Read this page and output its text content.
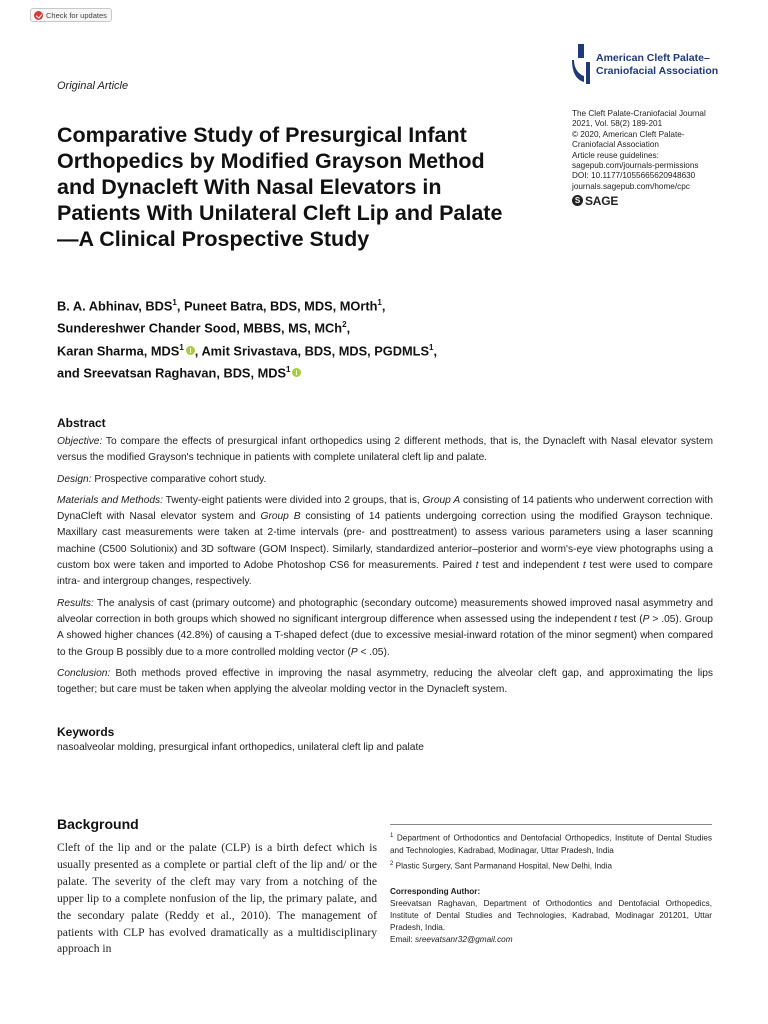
Check for updates
American Cleft Palate–
Craniofacial Association
Original Article
Comparative Study of Presurgical Infant Orthopedics by Modified Grayson Method and Dynacleft With Nasal Elevators in Patients With Unilateral Cleft Lip and Palate—A Clinical Prospective Study
The Cleft Palate-Craniofacial Journal
2021, Vol. 58(2) 189-201
© 2020, American Cleft Palate-
Craniofacial Association
Article reuse guidelines:
sagepub.com/journals-permissions
DOI: 10.1177/1055665620948630
journals.sagepub.com/home/cpc
S SAGE
B. A. Abhinav, BDS$^1$, Puneet Batra, BDS, MDS, MOrth$^1$,
Sundereshwer Chander Sood, MBBS, MS, MCh$^2$,
Karan Sharma, MDS$^1$ , Amit Srivastava, BDS, MDS, PGDMLS$^1$,
and Sreevatsan Raghavan, BDS, MDS$^1$
Abstract

Objective: To compare the effects of presurgical infant orthopedics using 2 different methods, that is, the Dynacleft with Nasal elevator system versus the modified Grayson's technique in patients with complete unilateral cleft lip and palate.

Design: Prospective comparative cohort study.

Materials and Methods: Twenty-eight patients were divided into 2 groups, that is, Group A consisting of 14 patients who underwent correction with DynaCleft with Nasal elevator system and Group B consisting of 14 patients undergoing correction using the modified Grayson technique. Maxillary cast measurements were taken at 2-time intervals (pre- and posttreatment) to assess various parameters using a laser scanning machine (C500 Solutionix) and 3D software (GOM Inspect). Similarly, standardized anterior–posterior and worm's-eye view photographs using a custom box were taken and imported to Adobe Photoshop CS6 for measurements. Paired t test and independent t test were used to compare intra- and intergroup changes, respectively.

Results: The analysis of cast (primary outcome) and photographic (secondary outcome) measurements showed improved nasal asymmetry and alveolar correction in both groups which showed no significant intergroup difference when assessed using the independent t test (P > .05). Group A showed higher chances (42.8%) of causing a T-shaped defect (due to excessive mesial-inward rotation of the minor segment) when compared to the Group B possibly due to a more controlled molding vector (P < .05).

Conclusion: Both methods proved effective in improving the nasal asymmetry, reducing the alveolar cleft gap, and approximating the lips together; but care must be taken when applying the alveolar molding vector in the Dynacleft system.

Keywords

nasoalveolar molding, presurgical infant orthopedics, unilateral cleft lip and palate

Background

Cleft of the lip and or the palate (CLP) is a birth defect which is usually presented as a complete or partial cleft of the lip and/ or the palate. The severity of the cleft may vary from a notching of the upper lip to a complete nonfusion of the lip, the primary palate, and the secondary palate (Reddy et al., 2010). The management of patients with CLP has evolved dramatically as a multidisciplinary approach in

$^1$ Department of Orthodontics and Dentofacial Orthopedics, Institute of Dental Studies and Technologies, Kadrabad, Modinagar, Uttar Pradesh, India
$^2$ Plastic Surgery, Sant Parmanand Hospital, New Delhi, India
Corresponding Author:
Sreevatsan Raghavan, Department of Orthodontics and Dentofacial Orthopedics, Institute of Dental Studies and Technologies, Kadrabad, Modinagar 201201, Uttar Pradesh, India.
Email: sreevatsanr32@gmail.com
